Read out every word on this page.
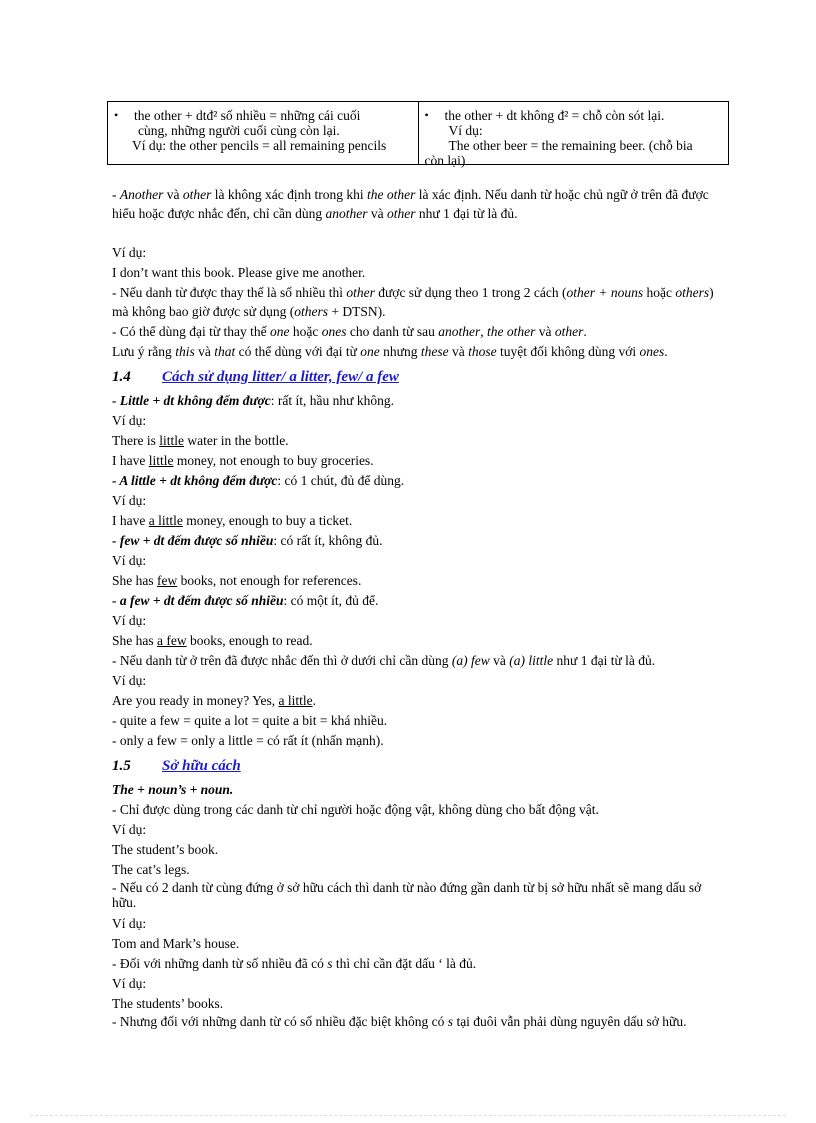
•	the other + dtđ² số nhiều = những cái cuối
cùng, những người cuối cùng còn lại.
Ví dụ: the other pencils = all remaining pencils
•	the other + dt không đ² = chỗ còn sót lại.
Ví dụ:
The other beer = the remaining beer. (chỗ bia
còn lại)
- Another và other là không xác định trong khi the other là xác định. Nếu danh từ hoặc chủ ngữ ở trên đã được hiểu hoặc được nhắc đến, chỉ cần dùng another và other như 1 đại từ là đủ.
Ví dụ:
I don’t want this book. Please give me another.
- Nếu danh từ được thay thế là số nhiều thì other được sử dụng theo 1 trong 2 cách (other + nouns hoặc others) mà không bao giờ được sử dụng (others + DTSN).
- Có thể dùng đại từ thay thế one hoặc ones cho danh từ sau another, the other và other.
Lưu ý rằng this và that có thể dùng với đại từ one nhưng these và those tuyệt đối không dùng với ones.
1.4 Cách sử dụng litter/ a litter, few/ a few
- Little + dt không đếm được: rất ít, hầu như không.
Ví dụ:
There is little water in the bottle.
I have little money, not enough to buy groceries.
- A little + dt không đếm được: có 1 chút, đủ để dùng.
Ví dụ:
I have a little money, enough to buy a ticket.
- few + dt đếm được số nhiều: có rất ít, không đủ.
Ví dụ:
She has few books, not enough for references.
- a few + dt đếm được số nhiều: có một ít, đủ để.
Ví dụ:
She has a few books, enough to read.
- Nếu danh từ ở trên đã được nhắc đến thì ở dưới chỉ cần dùng (a) few và (a) little như 1 đại từ là đủ.
Ví dụ:
Are you ready in money? Yes, a little.
- quite a few = quite a lot = quite a bit = khá nhiều.
- only a few = only a little = có rất ít (nhấn mạnh).
1.5 Sở hữu cách
The + noun’s + noun.
- Chỉ được dùng trong các danh từ chỉ người hoặc động vật, không dùng cho bất động vật.
Ví dụ:
The student’s book.
The cat’s legs.
- Nếu có 2 danh từ cùng đứng ở sở hữu cách thì danh từ nào đứng gần danh từ bị sở hữu nhất sẽ mang dấu sở hữu.
Ví dụ:
Tom and Mark’s house.
- Đối với những danh từ số nhiều đã có s thì chỉ cần đặt dấu ‘ là đủ.
Ví dụ:
The students’ books.
- Nhưng đối với những danh từ có số nhiều đặc biệt không có s tại đuôi vẫn phải dùng nguyên dấu sở hữu.
